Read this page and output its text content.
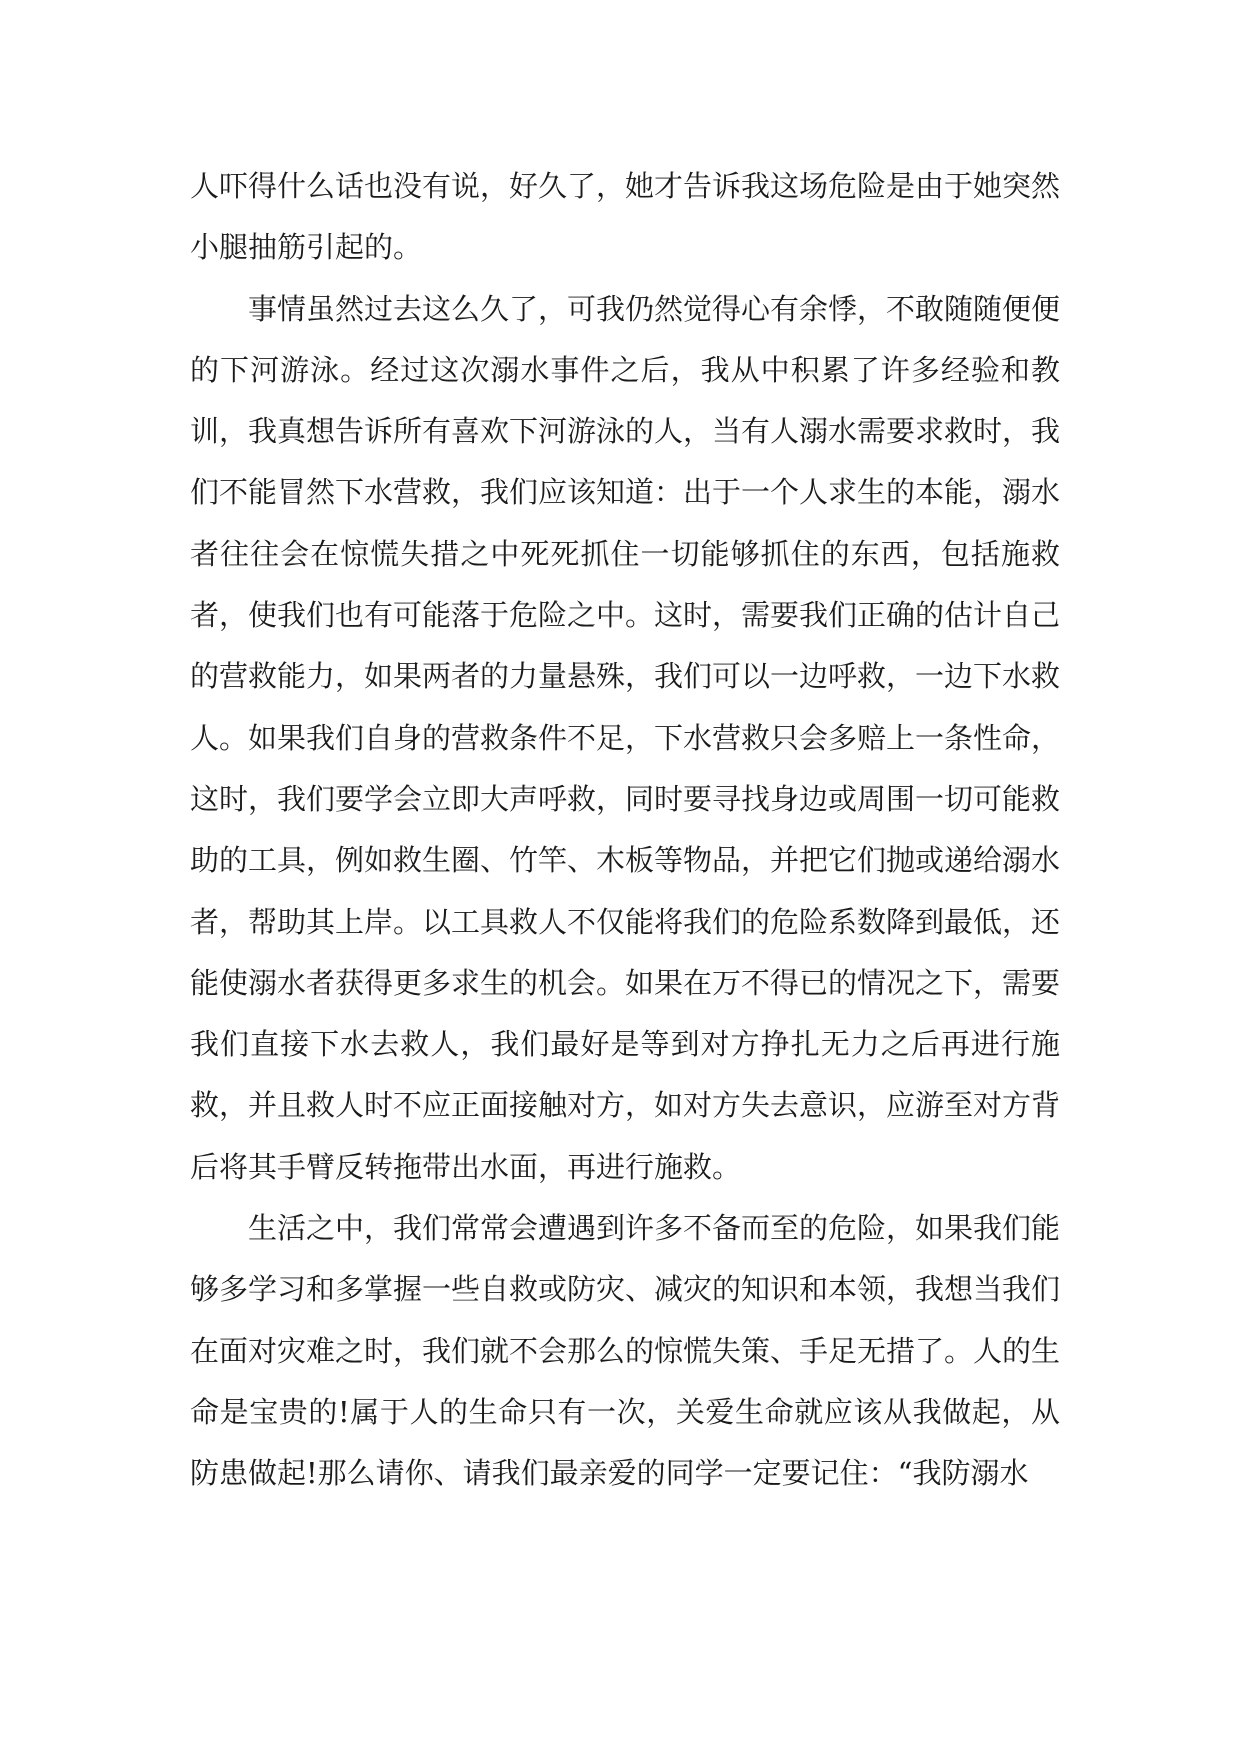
人吓得什么话也没有说，好久了，她才告诉我这场危险是由于她突然小腿抽筋引起的。

事情虽然过去这么久了，可我仍然觉得心有余悸，不敢随随便便的下河游泳。经过这次溺水事件之后，我从中积累了许多经验和教训，我真想告诉所有喜欢下河游泳的人，当有人溺水需要求救时，我们不能冒然下水营救，我们应该知道：出于一个人求生的本能，溺水者往往会在惊慌失措之中死死抓住一切能够抓住的东西，包括施救者，使我们也有可能落于危险之中。这时，需要我们正确的估计自己的营救能力，如果两者的力量悬殊，我们可以一边呼救，一边下水救人。如果我们自身的营救条件不足，下水营救只会多赔上一条性命，这时，我们要学会立即大声呼救，同时要寻找身边或周围一切可能救助的工具，例如救生圈、竹竿、木板等物品，并把它们抛或递给溺水者，帮助其上岸。以工具救人不仅能将我们的危险系数降到最低，还能使溺水者获得更多求生的机会。如果在万不得已的情况之下，需要我们直接下水去救人，我们最好是等到对方挣扎无力之后再进行施救，并且救人时不应正面接触对方，如对方失去意识，应游至对方背后将其手臂反转拖带出水面，再进行施救。

生活之中，我们常常会遭遇到许多不备而至的危险，如果我们能够多学习和多掌握一些自救或防灾、减灾的知识和本领，我想当我们在面对灾难之时，我们就不会那么的惊慌失策、手足无措了。人的生命是宝贵的!属于人的生命只有一次，关爱生命就应该从我做起，从防患做起!那么请你、请我们最亲爱的同学一定要记住：“我防溺水
